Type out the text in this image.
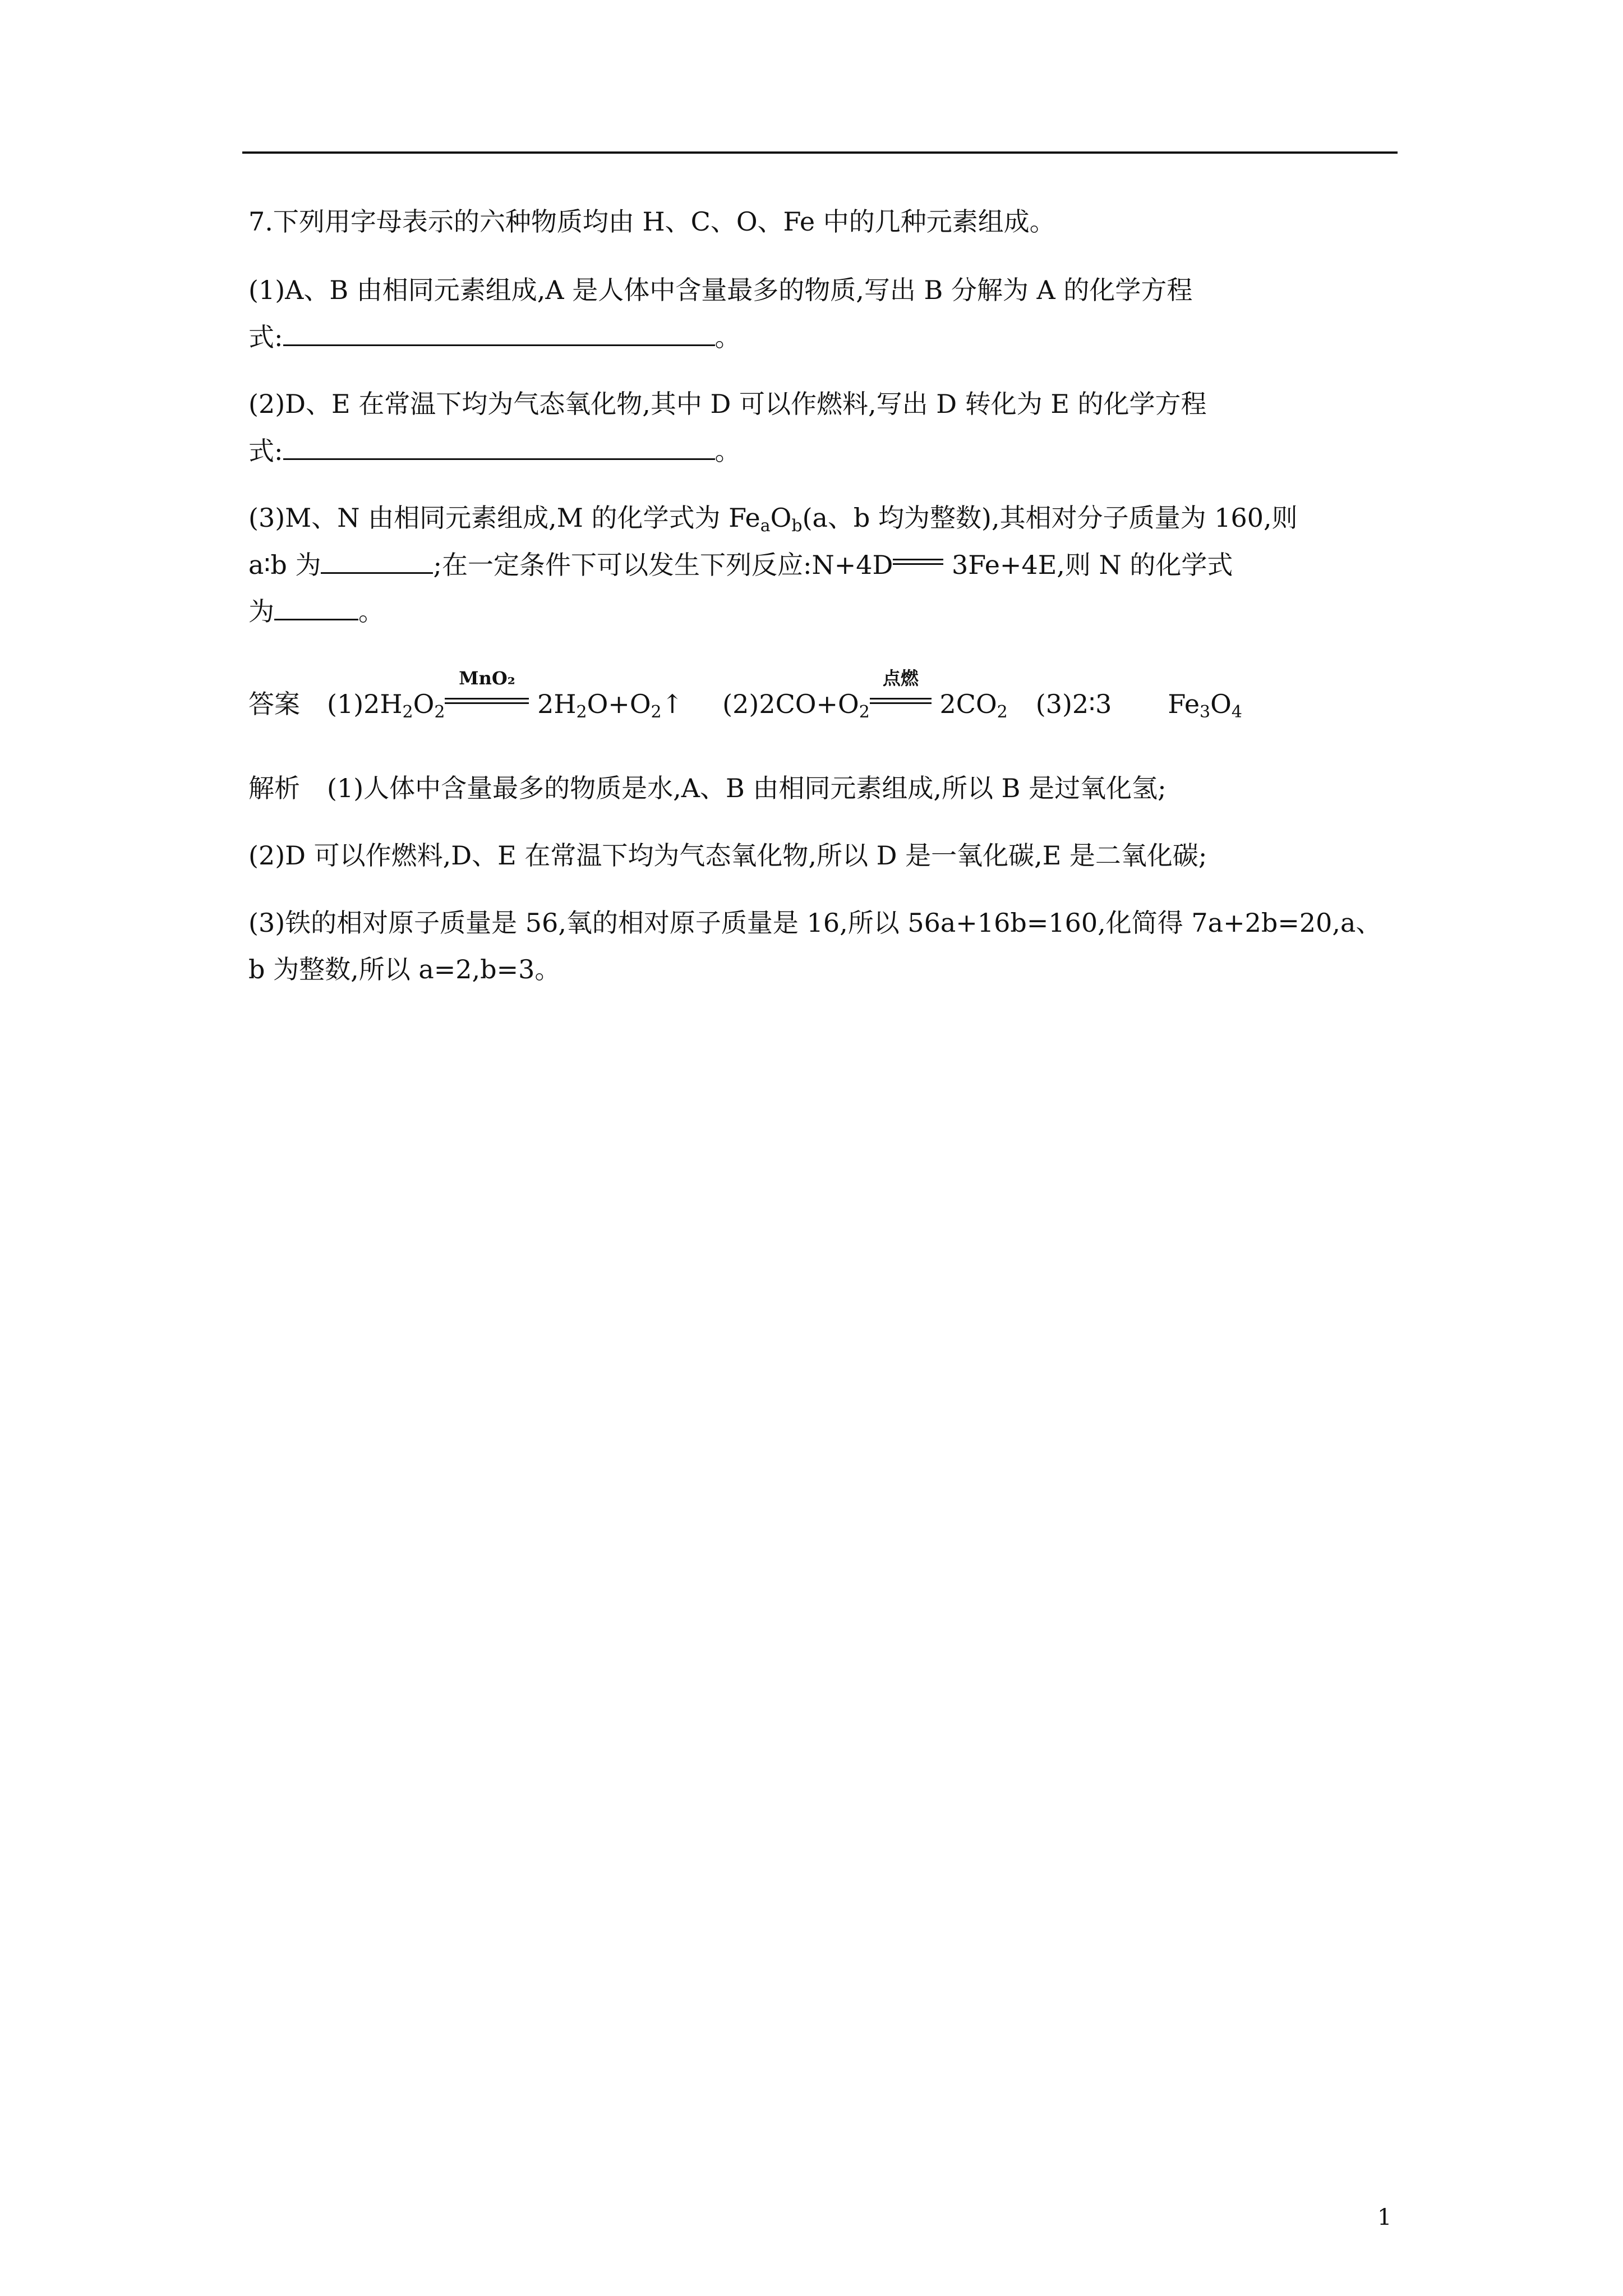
7.下列用字母表示的六种物质均由 H、C、O、Fe 中的几种元素组成。
(1)A、B 由相同元素组成,A 是人体中含量最多的物质,写出 B 分解为 A 的化学方程
式:	。
(2)D、E 在常温下均为气态氧化物,其中 D 可以作燃料,写出 D 转化为 E 的化学方程
式:	。
(3)M、N 由相同元素组成,M 的化学式为 $Fe_aO_b(a$、b 均为整数),其相对分子质量为 160,则
a∶b 为	;在一定条件下可以发生下列反应:N+4D 3Fe+4E,则 N 的化学式
为	。
答案 $(1)2H_2O_2$
MnO₂
$2H_2O+O_2↑$ $(2)2CO+O_2$
点燃
$2CO_2$ (3)2∶3 $Fe_3O_4$
解析 (1)人体中含量最多的物质是水,A、B 由相同元素组成,所以 B 是过氧化氢;
(2)D 可以作燃料,D、E 在常温下均为气态氧化物,所以 D 是一氧化碳,E 是二氧化碳;
(3)铁的相对原子质量是 56,氧的相对原子质量是 16,所以 56a+16b=160,化简得 7a+2b=20,a、
b 为整数,所以 a=2,b=3。
1
